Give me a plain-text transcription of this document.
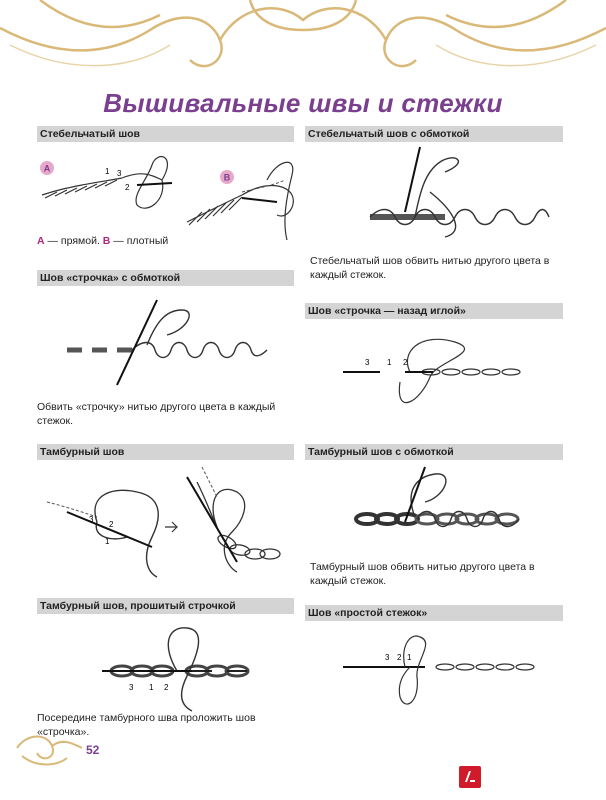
Вышивальные швы и стежки
Стебельчатый шов
A	1 3
2
B
A — прямой. B — плотный
Стебельчатый шов с обмоткой
Стебельчатый шов обвить нитью другого цвета в каждый стежок.
Шов «строчка» с обмоткой
Обвить «строчку» нитью другого цвета в каждый стежок.
Шов «строчка — назад иглой»
3 1 2
Тамбурный шов
3
2
1
Тамбурный шов с обмоткой
Тамбурный шов обвить нитью другого цвета в каждый стежок.
Тамбурный шов, прошитый строчкой
3 1 2
Посередине тамбурного шва проложить шов «строчка».
Шов «простой стежок»
3 2 1
52
